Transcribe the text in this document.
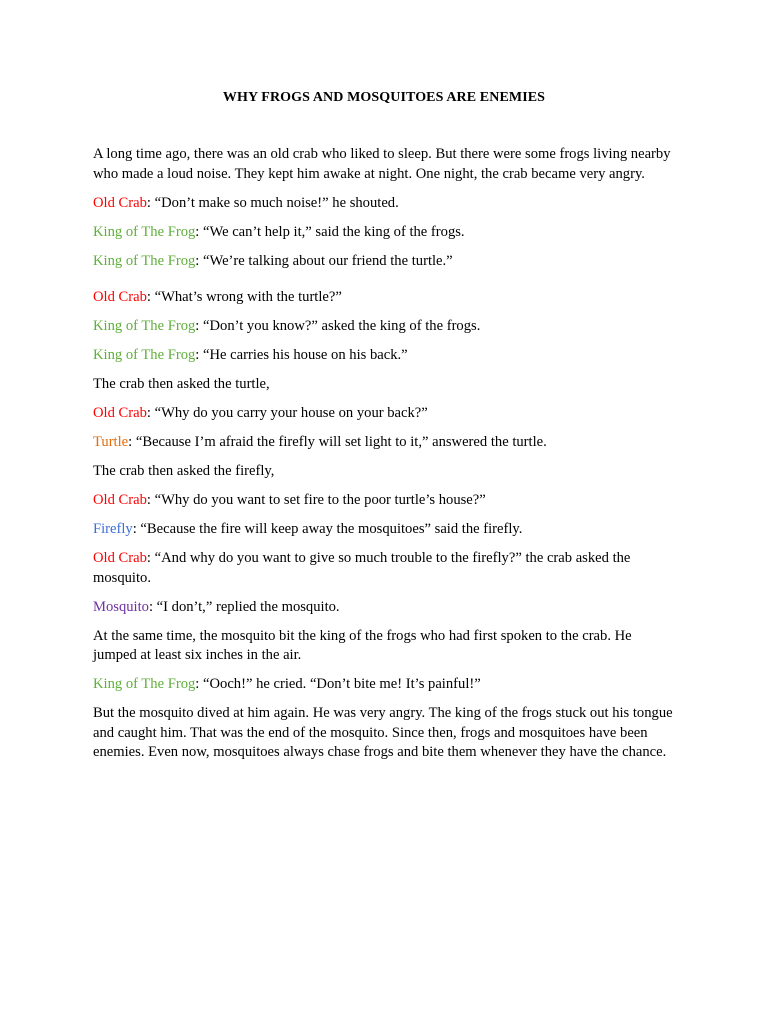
WHY FROGS AND MOSQUITOES ARE ENEMIES

A long time ago, there was an old crab who liked to sleep. But there were some frogs living nearby who made a loud noise. They kept him awake at night. One night, the crab became very angry.

Old Crab: “Don’t make so much noise!” he shouted.

King of The Frog: “We can’t help it,” said the king of the frogs.

King of The Frog: “We’re talking about our friend the turtle.”

Old Crab: “What’s wrong with the turtle?”

King of The Frog: “Don’t you know?” asked the king of the frogs.

King of The Frog: “He carries his house on his back.”

The crab then asked the turtle,

Old Crab: “Why do you carry your house on your back?”

Turtle: “Because I’m afraid the firefly will set light to it,” answered the turtle.

The crab then asked the firefly,

Old Crab: “Why do you want to set fire to the poor turtle’s house?”

Firefly: “Because the fire will keep away the mosquitoes” said the firefly.

Old Crab: “And why do you want to give so much trouble to the firefly?” the crab asked the mosquito.

Mosquito: “I don’t,” replied the mosquito.

At the same time, the mosquito bit the king of the frogs who had first spoken to the crab. He jumped at least six inches in the air.

King of The Frog: “Ooch!” he cried. “Don’t bite me! It’s painful!”

But the mosquito dived at him again. He was very angry. The king of the frogs stuck out his tongue and caught him. That was the end of the mosquito. Since then, frogs and mosquitoes have been enemies. Even now, mosquitoes always chase frogs and bite them whenever they have the chance.
